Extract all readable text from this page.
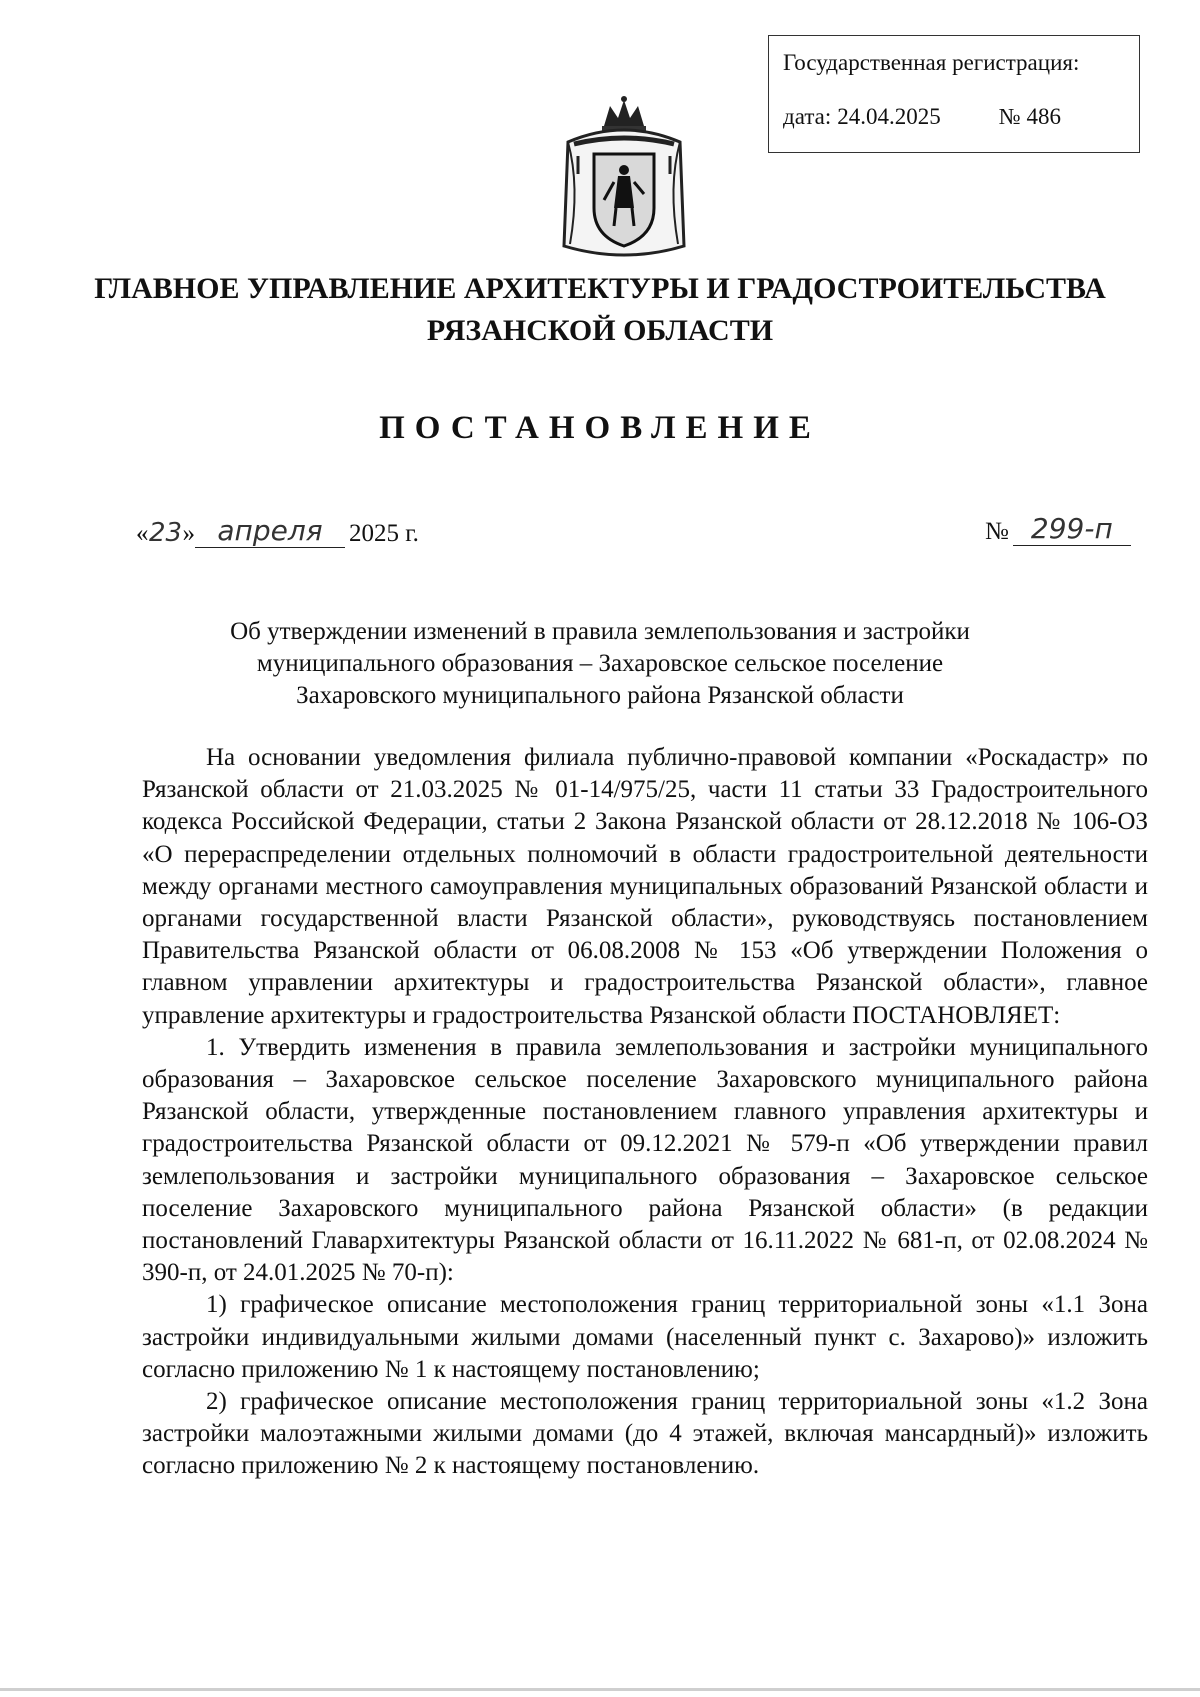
Государственная регистрация:
дата: 24.04.2025	№ 486
ГЛАВНОЕ УПРАВЛЕНИЕ АРХИТЕКТУРЫ И ГРАДОСТРОИТЕЛЬСТВА
РЯЗАНСКОЙ ОБЛАСТИ
ПОСТАНОВЛЕНИЕ
« 23 » апреля	2025 г.	№ 299-п
Об утверждении изменений в правила землепользования и застройки
муниципального образования – Захаровское сельское поселение
Захаровского муниципального района Рязанской области

На основании уведомления филиала публично-правовой компании «Роскадастр» по Рязанской области от 21.03.2025 № 01-14/975/25, части 11 статьи 33 Градостроительного кодекса Российской Федерации, статьи 2 Закона Рязанской области от 28.12.2018 № 106-ОЗ «О перераспределении отдельных полномочий в области градостроительной деятельности между органами местного самоуправления муниципальных образований Рязанской области и органами государственной власти Рязанской области», руководствуясь постановлением Правительства Рязанской области от 06.08.2008 № 153 «Об утверждении Положения о главном управлении архитектуры и градостроительства Рязанской области», главное управление архитектуры и градостроительства Рязанской области ПОСТАНОВЛЯЕТ:

1. Утвердить изменения в правила землепользования и застройки муниципального образования – Захаровское сельское поселение Захаровского муниципального района Рязанской области, утвержденные постановлением главного управления архитектуры и градостроительства Рязанской области от 09.12.2021 № 579-п «Об утверждении правил землепользования и застройки муниципального образования – Захаровское сельское поселение Захаровского муниципального района Рязанской области» (в редакции постановлений Главархитектуры Рязанской области от 16.11.2022 № 681-п, от 02.08.2024 № 390-п, от 24.01.2025 № 70-п):

1) графическое описание местоположения границ территориальной зоны «1.1 Зона застройки индивидуальными жилыми домами (населенный пункт с. Захарово)» изложить согласно приложению № 1 к настоящему постановлению;

2) графическое описание местоположения границ территориальной зоны «1.2 Зона застройки малоэтажными жилыми домами (до 4 этажей, включая мансардный)» изложить согласно приложению № 2 к настоящему постановлению.
